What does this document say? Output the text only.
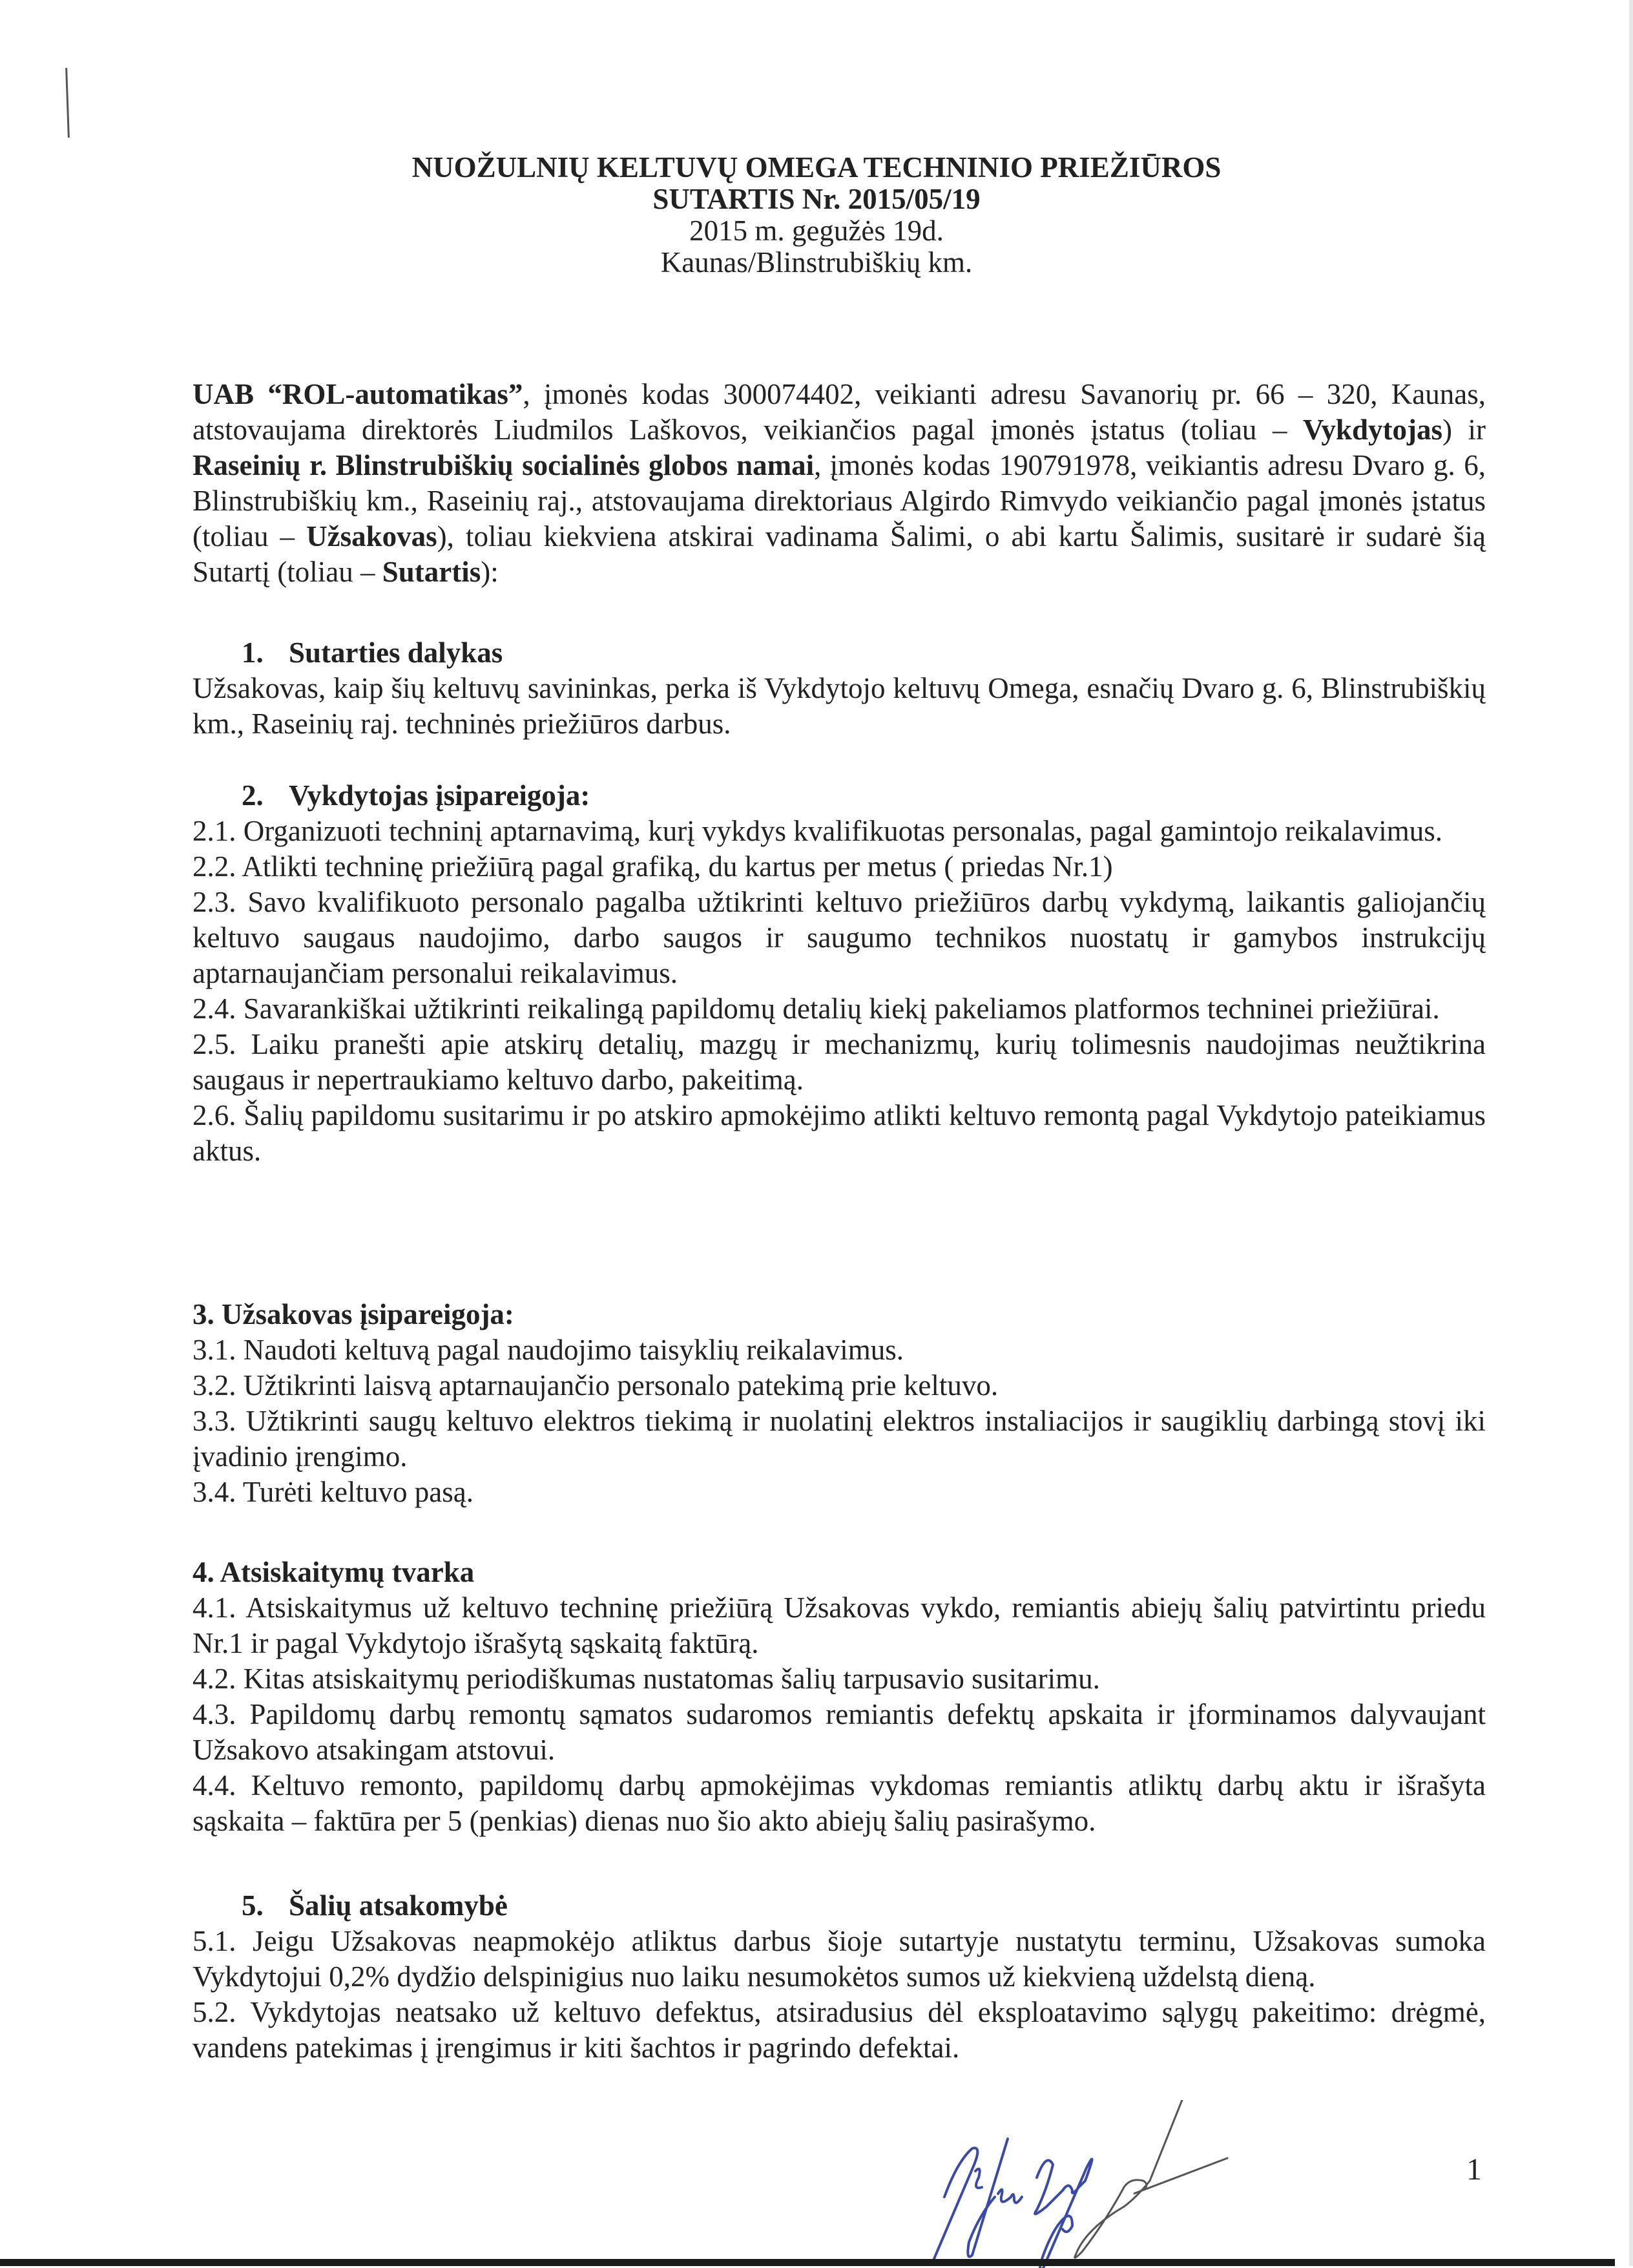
NUOŽULNIŲ KELTUVŲ OMEGA TECHNINIO PRIEŽIŪROS
SUTARTIS Nr. 2015/05/19
2015 m. gegužės 19d.
Kaunas/Blinstrubiškių km.
UAB “ROL-automatikas”, įmonės kodas 300074402, veikianti adresu Savanorių pr. 66 – 320, Kaunas, atstovaujama direktorės Liudmilos Laškovos, veikiančios pagal įmonės įstatus (toliau – Vykdytojas) ir Raseinių r. Blinstrubiškių socialinės globos namai, įmonės kodas 190791978, veikiantis adresu Dvaro g. 6, Blinstrubiškių km., Raseinių raj., atstovaujama direktoriaus Algirdo Rimvydo veikiančio pagal įmonės įstatus (toliau – Užsakovas), toliau kiekviena atskirai vadinama Šalimi, o abi kartu Šalimis, susitarė ir sudarė šią Sutartį (toliau – Sutartis):
1. Sutarties dalykas
Užsakovas, kaip šių keltuvų savininkas, perka iš Vykdytojo keltuvų Omega, esnačių Dvaro g. 6, Blinstrubiškių km., Raseinių raj. techninės priežiūros darbus.
2. Vykdytojas įsipareigoja:
2.1. Organizuoti techninį aptarnavimą, kurį vykdys kvalifikuotas personalas, pagal gamintojo reikalavimus.
2.2. Atlikti techninę priežiūrą pagal grafiką, du kartus per metus ( priedas Nr.1)
2.3. Savo kvalifikuoto personalo pagalba užtikrinti keltuvo priežiūros darbų vykdymą, laikantis galiojančių keltuvo saugaus naudojimo, darbo saugos ir saugumo technikos nuostatų ir gamybos instrukcijų aptarnaujančiam personalui reikalavimus.
2.4. Savarankiškai užtikrinti reikalingą papildomų detalių kiekį pakeliamos platformos techninei priežiūrai.
2.5. Laiku pranešti apie atskirų detalių, mazgų ir mechanizmų, kurių tolimesnis naudojimas neužtikrina saugaus ir nepertraukiamo keltuvo darbo, pakeitimą.
2.6. Šalių papildomu susitarimu ir po atskiro apmokėjimo atlikti keltuvo remontą pagal Vykdytojo pateikiamus aktus.
3. Užsakovas įsipareigoja:
3.1. Naudoti keltuvą pagal naudojimo taisyklių reikalavimus.
3.2. Užtikrinti laisvą aptarnaujančio personalo patekimą prie keltuvo.
3.3. Užtikrinti saugų keltuvo elektros tiekimą ir nuolatinį elektros instaliacijos ir saugiklių darbingą stovį iki įvadinio įrengimo.
3.4. Turėti keltuvo pasą.
4. Atsiskaitymų tvarka
4.1. Atsiskaitymus už keltuvo techninę priežiūrą Užsakovas vykdo, remiantis abiejų šalių patvirtintu priedu Nr.1 ir pagal Vykdytojo išrašytą sąskaitą faktūrą.
4.2. Kitas atsiskaitymų periodiškumas nustatomas šalių tarpusavio susitarimu.
4.3. Papildomų darbų remontų sąmatos sudaromos remiantis defektų apskaita ir įforminamos dalyvaujant Užsakovo atsakingam atstovui.
4.4. Keltuvo remonto, papildomų darbų apmokėjimas vykdomas remiantis atliktų darbų aktu ir išrašyta sąskaita – faktūra per 5 (penkias) dienas nuo šio akto abiejų šalių pasirašymo.
5. Šalių atsakomybė
5.1. Jeigu Užsakovas neapmokėjo atliktus darbus šioje sutartyje nustatytu terminu, Užsakovas sumoka Vykdytojui 0,2% dydžio delspinigius nuo laiku nesumokėtos sumos už kiekvieną uždelstą dieną.
5.2. Vykdytojas neatsako už keltuvo defektus, atsiradusius dėl eksploatavimo sąlygų pakeitimo: drėgmė, vandens patekimas į įrengimus ir kiti šachtos ir pagrindo defektai.
1
